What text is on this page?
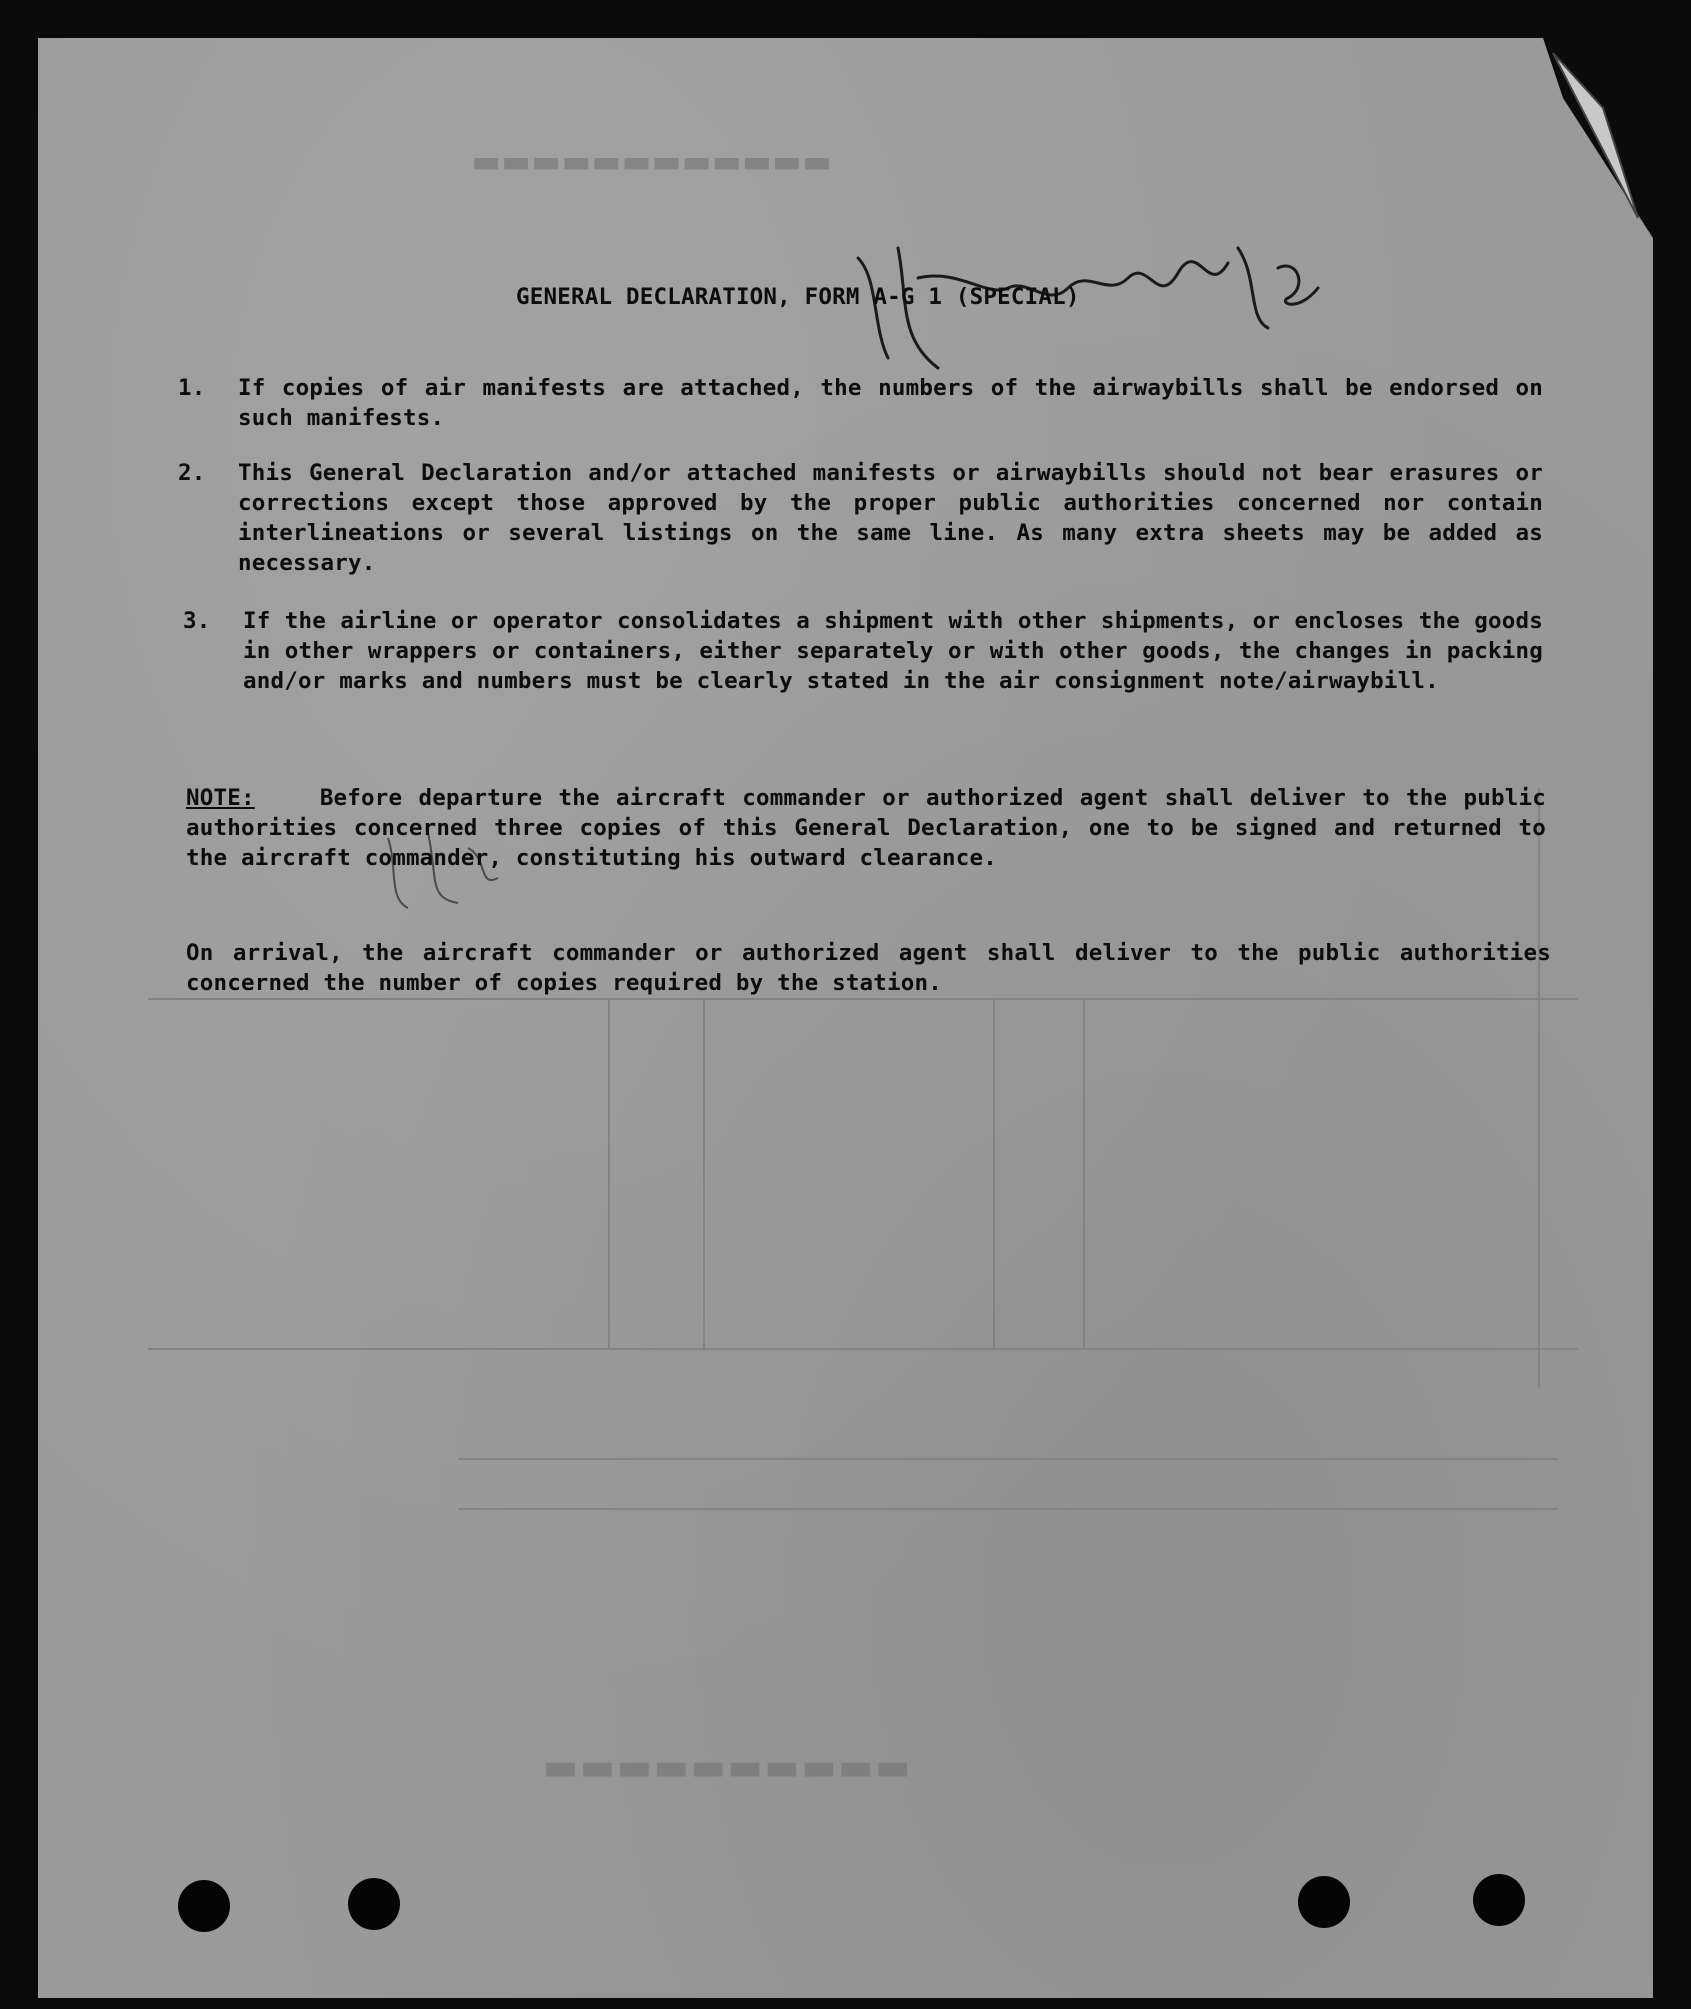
▬▬▬▬▬▬▬▬▬▬▬▬
▬▬▬▬▬▬▬▬▬▬
GENERAL DECLARATION, FORM A-G 1 (SPECIAL)
1.	If copies of air manifests are attached, the numbers of the airwaybills shall be endorsed on such manifests.
2.	This General Declaration and/or attached manifests or airwaybills should not bear erasures or corrections except those approved by the proper public authorities concerned nor contain interlineations or several listings on the same line. As many extra sheets may be added as necessary.
3.	If the airline or operator consolidates a shipment with other shipments, or encloses the goods in other wrappers or containers, either separately or with other goods, the changes in packing and/or marks and numbers must be clearly stated in the air consignment note/airwaybill.
NOTE:	Before departure the aircraft commander or authorized agent shall deliver to the public authorities concerned three copies of this General Declaration, one to be signed and returned to the aircraft commander, constituting his outward clearance.
On arrival, the aircraft commander or authorized agent shall deliver to the public authorities concerned the number of copies required by the station.
